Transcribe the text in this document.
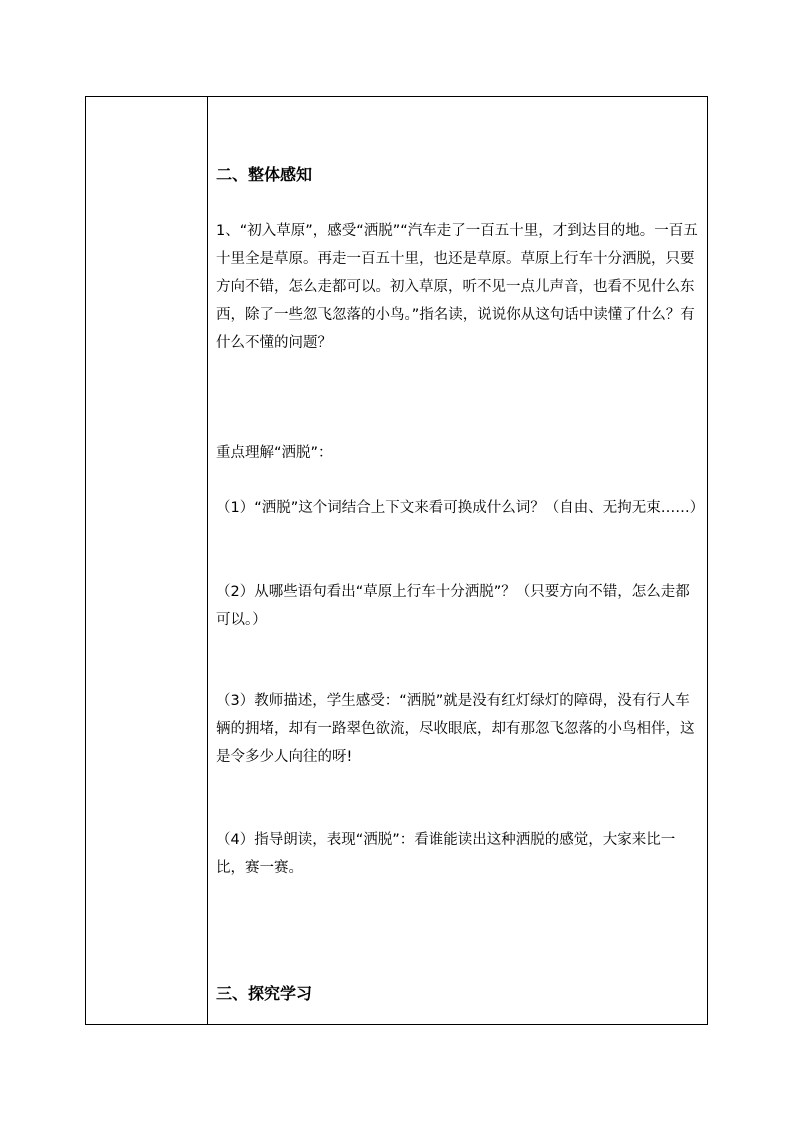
二、整体感知

1、“初入草原”，感受“洒脱”“汽车走了一百五十里，才到达目的地。一百五十里全是草原。再走一百五十里，也还是草原。草原上行车十分洒脱，只要方向不错，怎么走都可以。初入草原，听不见一点儿声音，也看不见什么东西，除了一些忽飞忽落的小鸟。”指名读，说说你从这句话中读懂了什么？有什么不懂的问题？

重点理解“洒脱”：

（1）“洒脱”这个词结合上下文来看可换成什么词？（自由、无拘无束……）

（2）从哪些语句看出“草原上行车十分洒脱”？（只要方向不错，怎么走都可以。）

（3）教师描述，学生感受：“洒脱”就是没有红灯绿灯的障碍，没有行人车辆的拥堵，却有一路翠色欲流，尽收眼底，却有那忽飞忽落的小鸟相伴，这是令多少人向往的呀!

（4）指导朗读，表现“洒脱”：看谁能读出这种洒脱的感觉，大家来比一比，赛一赛。

三、探究学习
